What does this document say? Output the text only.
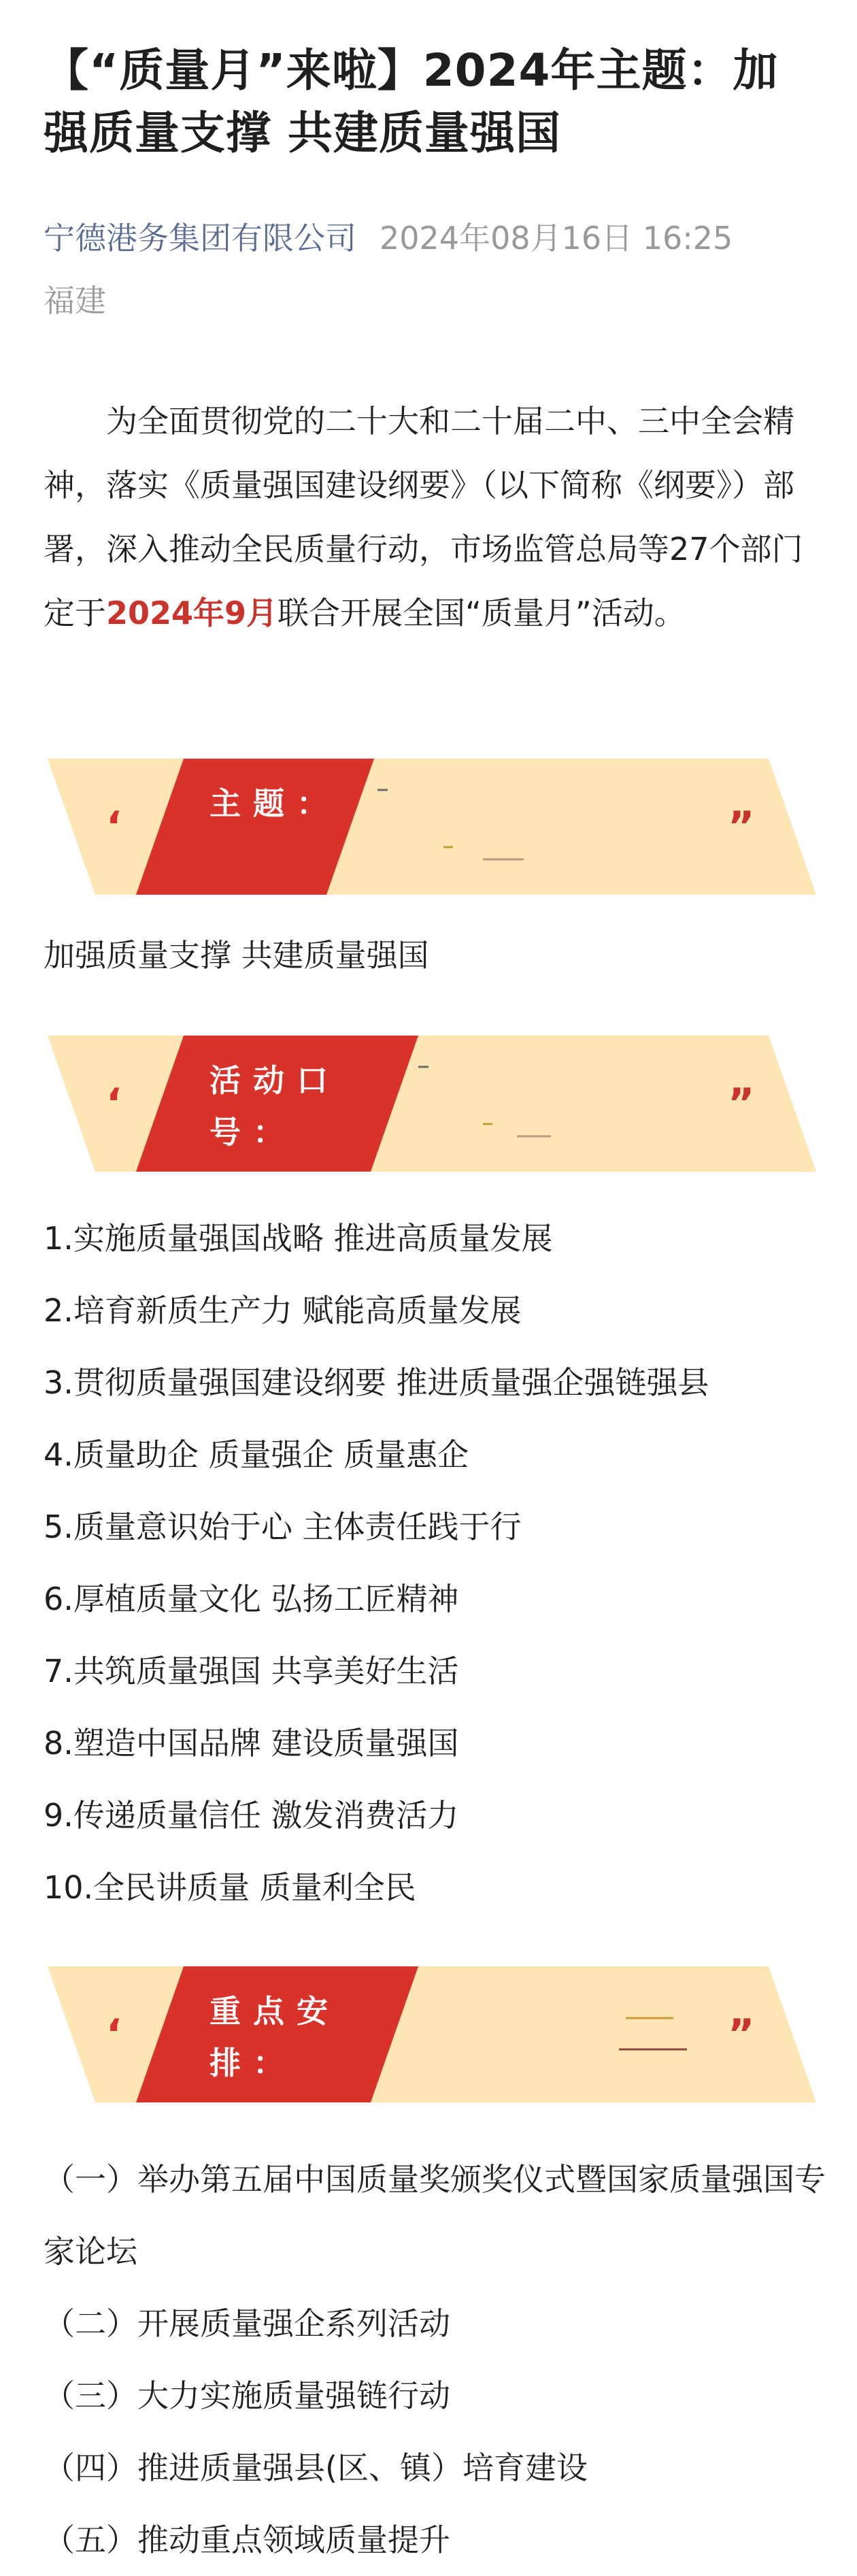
【“质量月”来啦】2024年主题：加强质量支撑 共建质量强国
宁德港务集团有限公司 2024年08月16日 16:25
福建
为全面贯彻党的二十大和二十届二中、三中全会精神，落实《质量强国建设纲要》（以下简称《纲要》）部署，深入推动全民质量行动，市场监管总局等27个部门定于2024年9月联合开展全国“质量月”活动。
‘	主题：	”
加强质量支撑 共建质量强国
‘	活动口号：
”
1.实施质量强国战略 推进高质量发展
2.培育新质生产力 赋能高质量发展
3.贯彻质量强国建设纲要 推进质量强企强链强县
4.质量助企 质量强企 质量惠企
5.质量意识始于心 主体责任践于行
6.厚植质量文化 弘扬工匠精神
7.共筑质量强国 共享美好生活
8.塑造中国品牌 建设质量强国
9.传递质量信任 激发消费活力
10.全民讲质量 质量利全民
‘	重点安排：
”
（一）举办第五届中国质量奖颁奖仪式暨国家质量强国专家论坛
（二）开展质量强企系列活动
（三）大力实施质量强链行动
（四）推进质量强县(区、镇）培育建设
（五）推动重点领域质量提升
